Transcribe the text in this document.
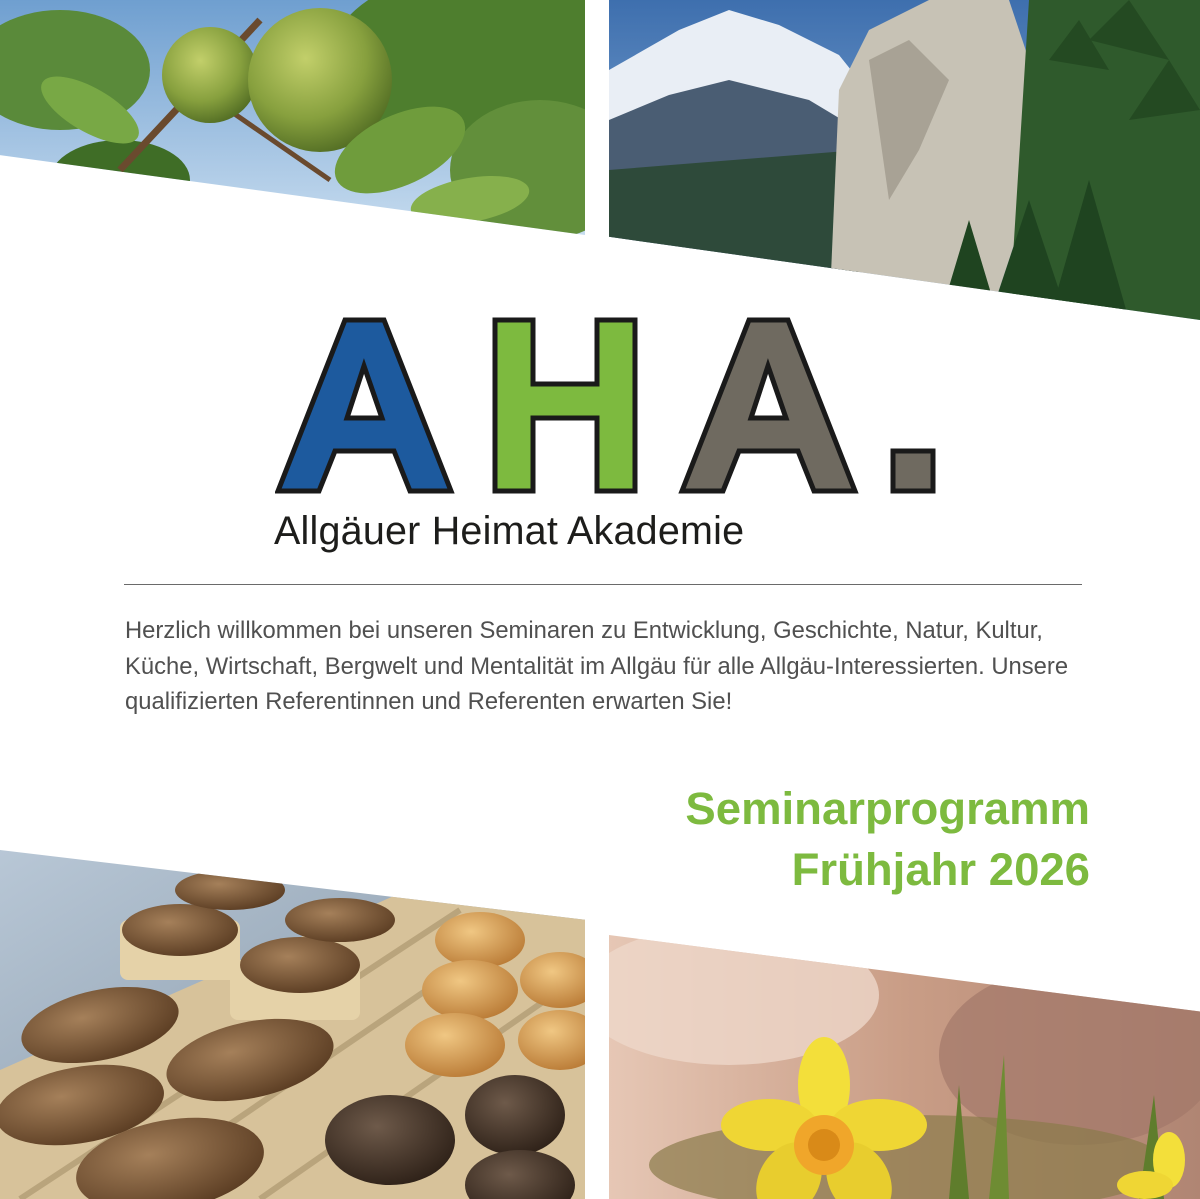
Allgäuer Heimat Akademie

Herzlich willkommen bei unseren Seminaren zu Entwicklung, Geschichte, Natur, Kultur, Küche, Wirtschaft, Bergwelt und Mentalität im Allgäu für alle Allgäu-Interessierten. Unsere qualifizierten Referentinnen und Referenten erwarten Sie!

Seminarprogramm
Frühjahr 2026
